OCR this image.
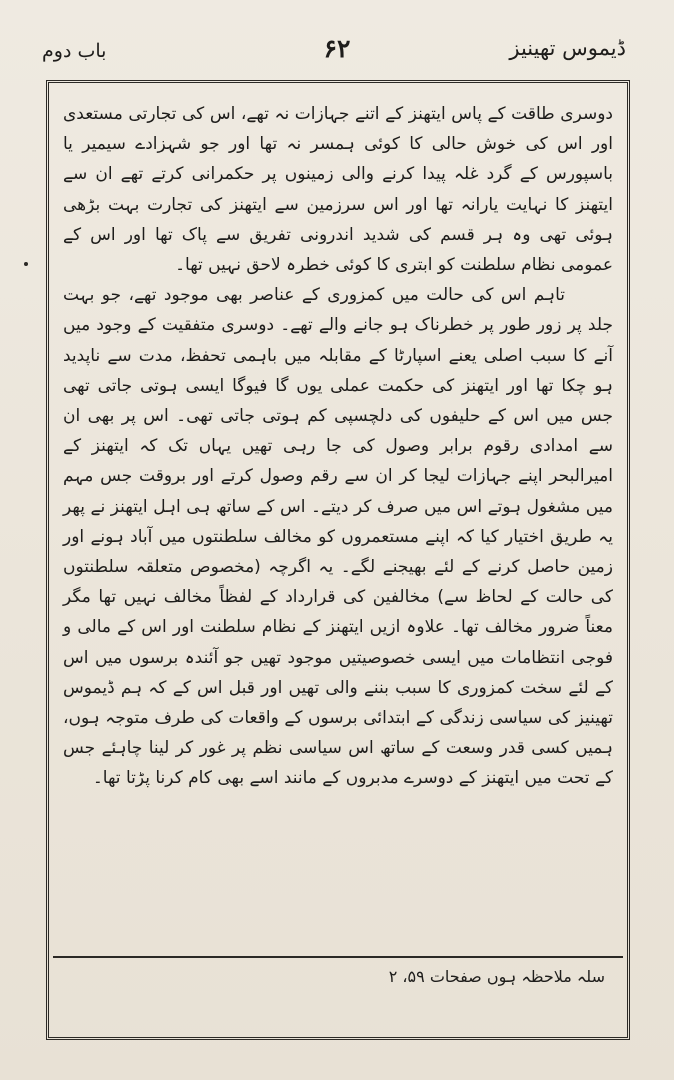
ڈیموس تھینیز
۶۲
باب دوم

دوسری طاقت کے پاس ایتھنز کے اتنے جہازات نہ تھے، اس کی تجارتی مستعدی اور اس کی خوش حالی کا کوئی ہمسر نہ تھا اور جو شہزادے سیمیر یا باسپورس کے گرد غلہ پیدا کرنے والی زمینوں پر حکمرانی کرتے تھے ان سے ایتھنز کا نہایت یارانہ تھا اور اس سرزمین سے ایتھنز کی تجارت بہت بڑھی ہوئی تھی وہ ہر قسم کی شدید اندرونی تفریق سے پاک تھا اور اس کے عمومی نظام سلطنت کو ابتری کا کوئی خطرہ لاحق نہیں تھا۔

تاہم اس کی حالت میں کمزوری کے عناصر بھی موجود تھے، جو بہت جلد پر زور طور پر خطرناک ہو جانے والے تھے۔ دوسری متفقیت کے وجود میں آنے کا سبب اصلی یعنے اسپارٹا کے مقابلہ میں باہمی تحفظ، مدت سے ناپدید ہو چکا تھا اور ایتھنز کی حکمت عملی یوں گا فیوگا ایسی ہوتی جاتی تھی جس میں اس کے حلیفوں کی دلچسپی کم ہوتی جاتی تھی۔ اس پر بھی ان سے امدادی رقوم برابر وصول کی جا رہی تھیں یہاں تک کہ ایتھنز کے امیرالبحر اپنے جہازات لیجا کر ان سے رقم وصول کرتے اور بروقت جس مہم میں مشغول ہوتے اس میں صرف کر دیتے۔ اس کے ساتھ ہی اہل ایتھنز نے پھر یہ طریق اختیار کیا کہ اپنے مستعمروں کو مخالف سلطنتوں میں آباد ہونے اور زمین حاصل کرنے کے لئے بھیجنے لگے۔ یہ اگرچہ (مخصوص متعلقہ سلطنتوں کی حالت کے لحاظ سے) مخالفین کی قرارداد کے لفظاً مخالف نہیں تھا مگر معناً ضرور مخالف تھا۔ علاوہ ازیں ایتھنز کے نظام سلطنت اور اس کے مالی و فوجی انتظامات میں ایسی خصوصیتیں موجود تھیں جو آئندہ برسوں میں اس کے لئے سخت کمزوری کا سبب بننے والی تھیں اور قبل اس کے کہ ہم ڈیموس تھینیز کی سیاسی زندگی کے ابتدائی برسوں کے واقعات کی طرف متوجہ ہوں، ہمیں کسی قدر وسعت کے ساتھ اس سیاسی نظم پر غور کر لینا چاہئے جس کے تحت میں ایتھنز کے دوسرے مدبروں کے مانند اسے بھی کام کرنا پڑتا تھا۔

سلہ ملاحظہ ہوں صفحات ۵۹، ۲
